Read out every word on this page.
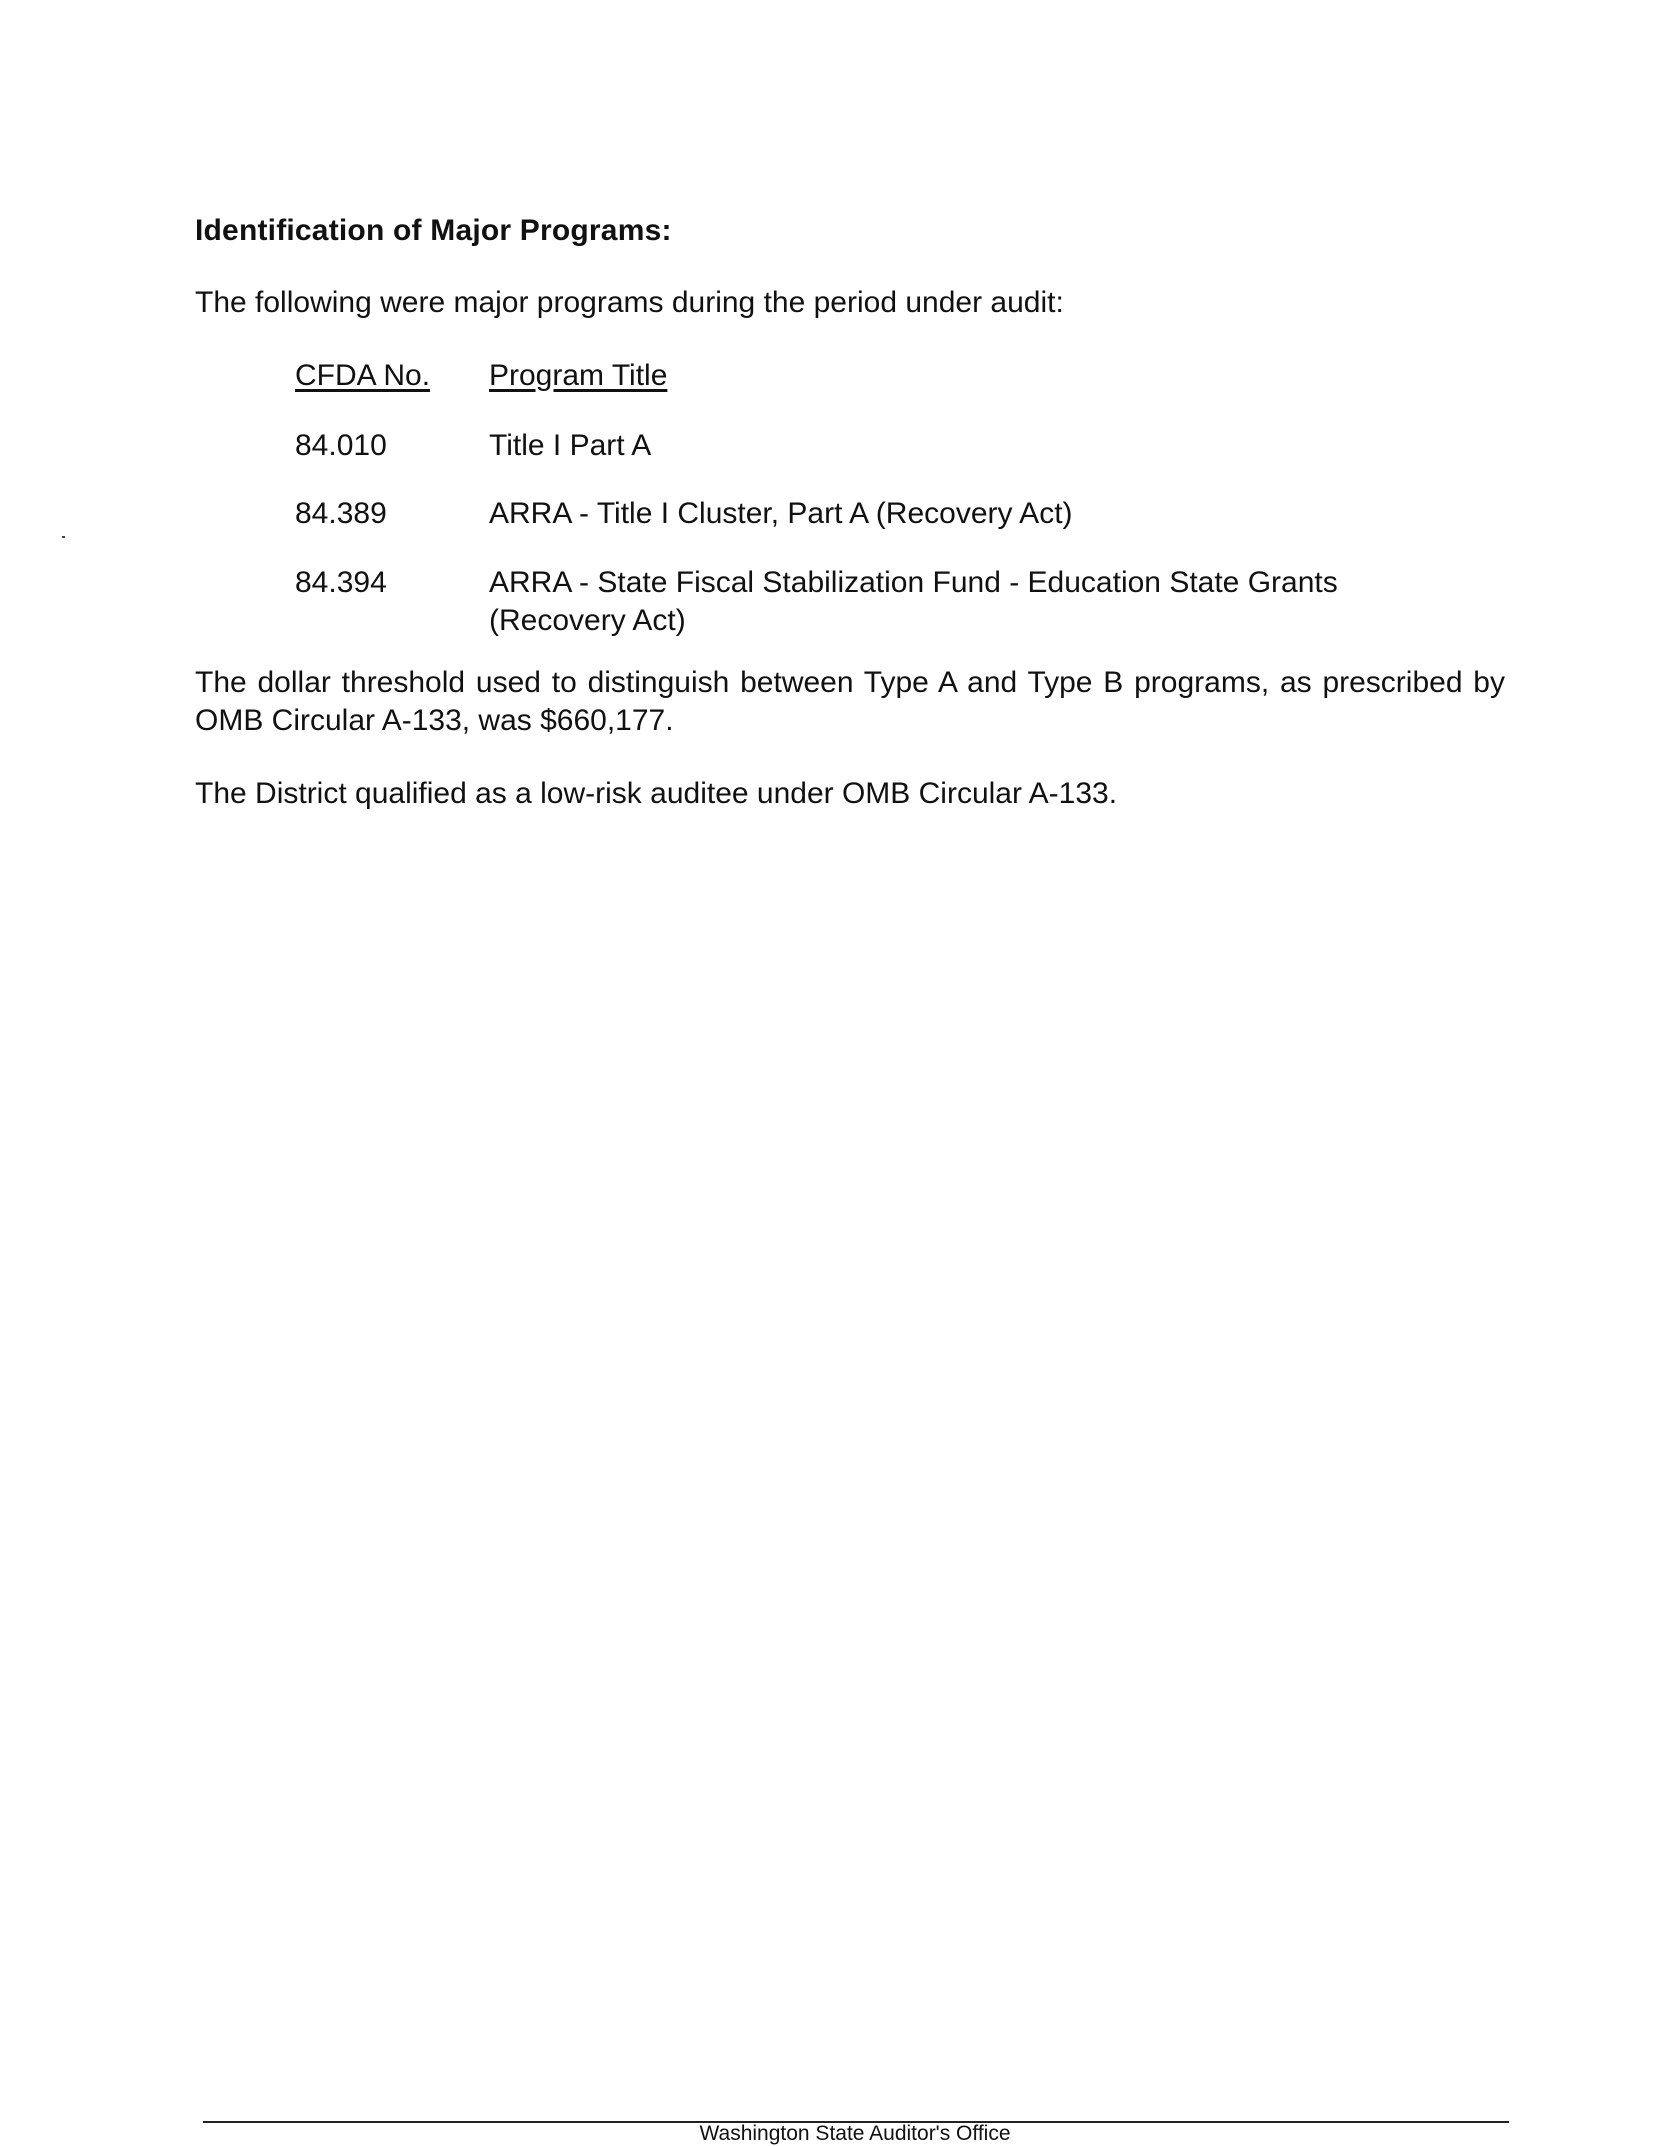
Identification of Major Programs:
The following were major programs during the period under audit:
CFDA No.	Program Title
84.010	Title I Part A
84.389	ARRA - Title I Cluster, Part A (Recovery Act)
84.394	ARRA - State Fiscal Stabilization Fund - Education State Grants (Recovery Act)
The dollar threshold used to distinguish between Type A and Type B programs, as prescribed by OMB Circular A-133, was $660,177.
The District qualified as a low-risk auditee under OMB Circular A-133.
Washington State Auditor's Office
